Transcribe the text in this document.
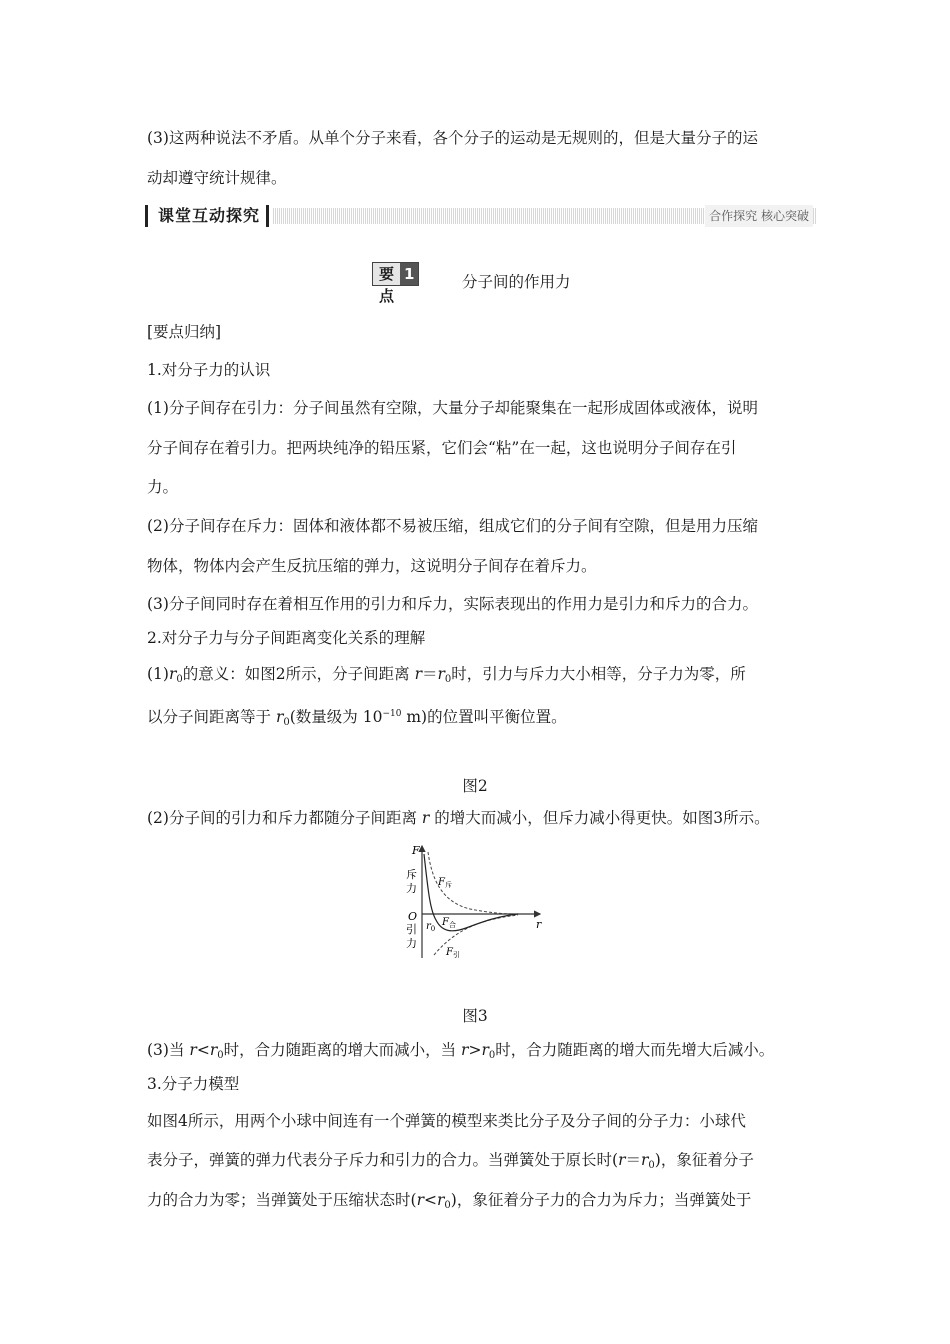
(3)这两种说法不矛盾。从单个分子来看，各个分子的运动是无规则的，但是大量分子的运
动却遵守统计规律。
课堂互动探究	合作探究 核心突破
要点
1	分子间的作用力
[要点归纳]
1.对分子力的认识
(1)分子间存在引力：分子间虽然有空隙，大量分子却能聚集在一起形成固体或液体，说明
分子间存在着引力。把两块纯净的铅压紧，它们会“粘”在一起，这也说明分子间存在引
力。
(2)分子间存在斥力：固体和液体都不易被压缩，组成它们的分子间有空隙，但是用力压缩
物体，物体内会产生反抗压缩的弹力，这说明分子间存在着斥力。
(3)分子间同时存在着相互作用的引力和斥力，实际表现出的作用力是引力和斥力的合力。
2.对分子力与分子间距离变化关系的理解
$(1)r_0$的意义：如图2所示，分子间距离 $r=r_0$时，引力与斥力大小相等，分子力为零，所
以分子间距离等于 $r_0$(数量级为 $10^{-10}$ m)的位置叫平衡位置。
图2
(2)分子间的引力和斥力都随分子间距离 r 的增大而减小，但斥力减小得更快。如图3所示。
F
斥
力
O
引
力
r
$r_0$
$F_斥$
$F_合$
$F_引$
图3
(3)当 $r<r_0$时，合力随距离的增大而减小，当 $r>r_0$时，合力随距离的增大而先增大后减小。
3.分子力模型
如图4所示，用两个小球中间连有一个弹簧的模型来类比分子及分子间的分子力：小球代
表分子，弹簧的弹力代表分子斥力和引力的合力。当弹簧处于原长时$(r=r_0)$，象征着分子
力的合力为零；当弹簧处于压缩状态时$(r<r_0)$，象征着分子力的合力为斥力；当弹簧处于
